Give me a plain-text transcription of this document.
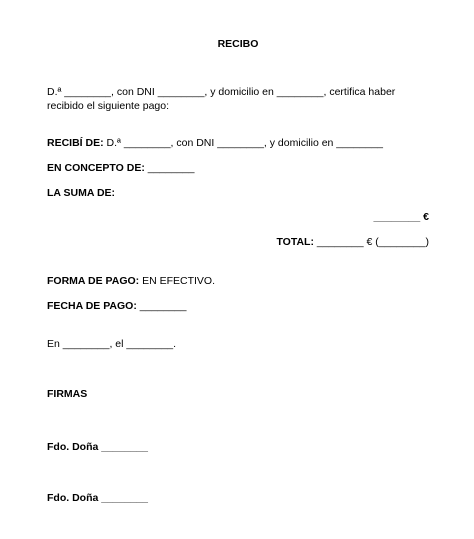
RECIBO
D.ª ________, con DNI ________, y domicilio en ________, certifica haber recibido el siguiente pago:
RECIBÍ DE: D.ª ________, con DNI ________, y domicilio en ________
EN CONCEPTO DE: ________
LA SUMA DE:
________ €
TOTAL: ________ € (________)
FORMA DE PAGO: EN EFECTIVO.
FECHA DE PAGO: ________
En ________, el ________.
FIRMAS
Fdo. Doña ________
Fdo. Doña ________
